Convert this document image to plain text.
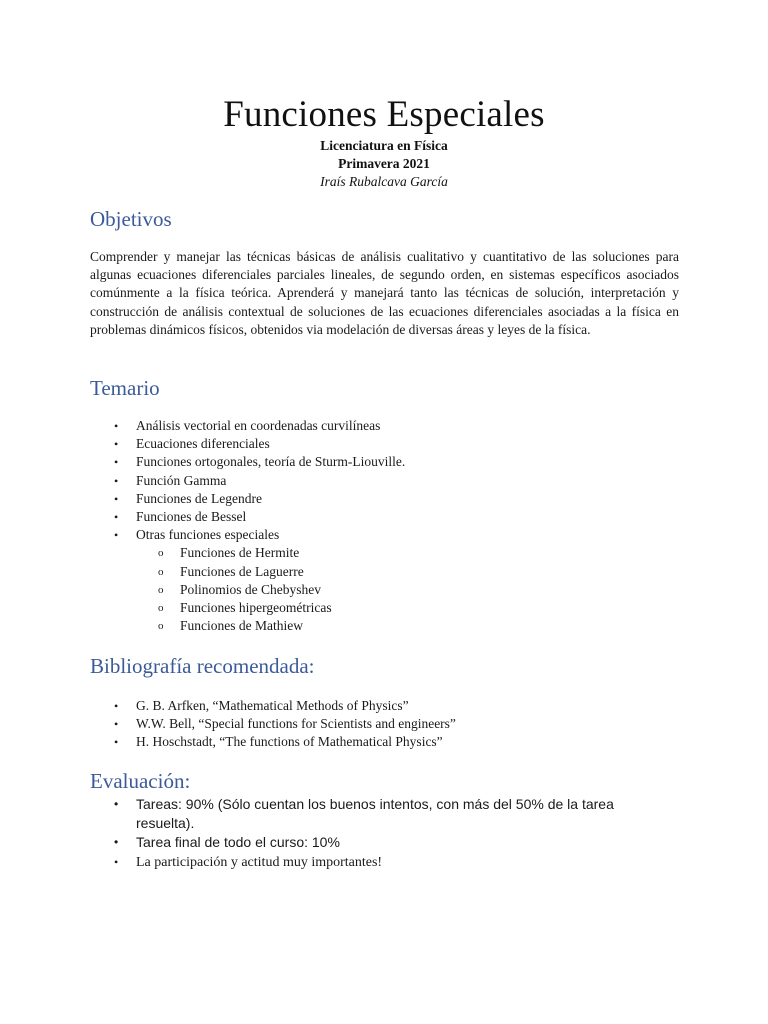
Funciones Especiales
Licenciatura en Física
Primavera 2021
Iraís Rubalcava García
Objetivos

Comprender y manejar las técnicas básicas de análisis cualitativo y cuantitativo de las soluciones para algunas ecuaciones diferenciales parciales lineales, de segundo orden, en sistemas específicos asociados comúnmente a la física teórica. Aprenderá y manejará tanto las técnicas de solución, interpretación y construcción de análisis contextual de soluciones de las ecuaciones diferenciales asociadas a la física en problemas dinámicos físicos, obtenidos via modelación de diversas áreas y leyes de la física.

Temario
• Análisis vectorial en coordenadas curvilíneas
• Ecuaciones diferenciales
• Funciones ortogonales, teoría de Sturm-Liouville.
• Función Gamma
• Funciones de Legendre
• Funciones de Bessel
• Otras funciones especiales
o Funciones de Hermite
o Funciones de Laguerre
o Polinomios de Chebyshev
o Funciones hipergeométricas
o Funciones de Mathiew
Bibliografía recomendada:
• G. B. Arfken, “Mathematical Methods of Physics”
• W.W. Bell, “Special functions for Scientists and engineers”
• H. Hoschstadt, “The functions of Mathematical Physics”
Evaluación:
• Tareas: 90% (Sólo cuentan los buenos intentos, con más del 50% de la tarea resuelta).
• Tarea final de todo el curso: 10%
• La participación y actitud muy importantes!
